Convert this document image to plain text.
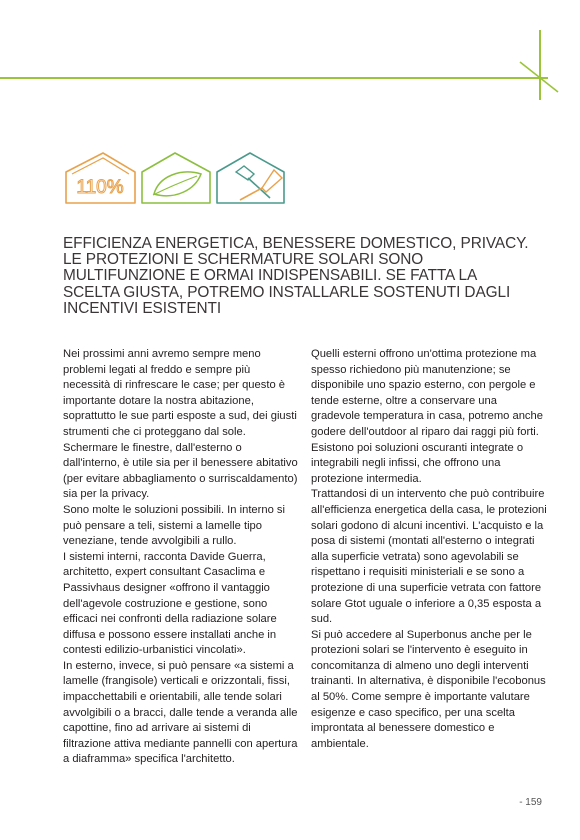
110%
EFFICIENZA ENERGETICA, BENESSERE DOMESTICO, PRIVACY. LE PROTEZIONI E SCHERMATURE SOLARI SONO MULTIFUNZIONE E ORMAI INDISPENSABILI. SE FATTA LA SCELTA GIUSTA, POTREMO INSTALLARLE SOSTENUTI DAGLI INCENTIVI ESISTENTI

Nei prossimi anni avremo sempre meno problemi legati al freddo e sempre più necessità di rinfrescare le case; per questo è importante dotare la nostra abitazione, soprattutto le sue parti esposte a sud, dei giusti strumenti che ci proteggano dal sole. Schermare le finestre, dall'esterno o dall'interno, è utile sia per il benessere abitativo (per evitare abbagliamento o surriscaldamento) sia per la privacy.

Sono molte le soluzioni possibili. In interno si può pensare a teli, sistemi a lamelle tipo veneziane, tende avvolgibili a rullo.

I sistemi interni, racconta Davide Guerra, architetto, expert consultant Casaclima e Passivhaus designer «offrono il vantaggio dell'agevole costruzione e gestione, sono efficaci nei confronti della radiazione solare diffusa e possono essere installati anche in contesti edilizio-urbanistici vincolati».

In esterno, invece, si può pensare «a sistemi a lamelle (frangisole) verticali e orizzontali, fissi, impacchettabili e orientabili, alle tende solari avvolgibili o a bracci, dalle tende a veranda alle capottine, fino ad arrivare ai sistemi di filtrazione attiva mediante pannelli con apertura a diaframma» specifica l'architetto.

Quelli esterni offrono un'ottima protezione ma spesso richiedono più manutenzione; se disponibile uno spazio esterno, con pergole e tende esterne, oltre a conservare una gradevole temperatura in casa, potremo anche godere dell'outdoor al riparo dai raggi più forti. Esistono poi soluzioni oscuranti integrate o integrabili negli infissi, che offrono una protezione intermedia.

Trattandosi di un intervento che può contribuire all'efficienza energetica della casa, le protezioni solari godono di alcuni incentivi. L'acquisto e la posa di sistemi (montati all'esterno o integrati alla superficie vetrata) sono agevolabili se rispettano i requisiti ministeriali e se sono a protezione di una superficie vetrata con fattore solare Gtot uguale o inferiore a 0,35 esposta a sud.

Si può accedere al Superbonus anche per le protezioni solari se l'intervento è eseguito in concomitanza di almeno uno degli interventi trainanti. In alternativa, è disponibile l'ecobonus al 50%. Come sempre è importante valutare esigenze e caso specifico, per una scelta improntata al benessere domestico e ambientale.

- 159
